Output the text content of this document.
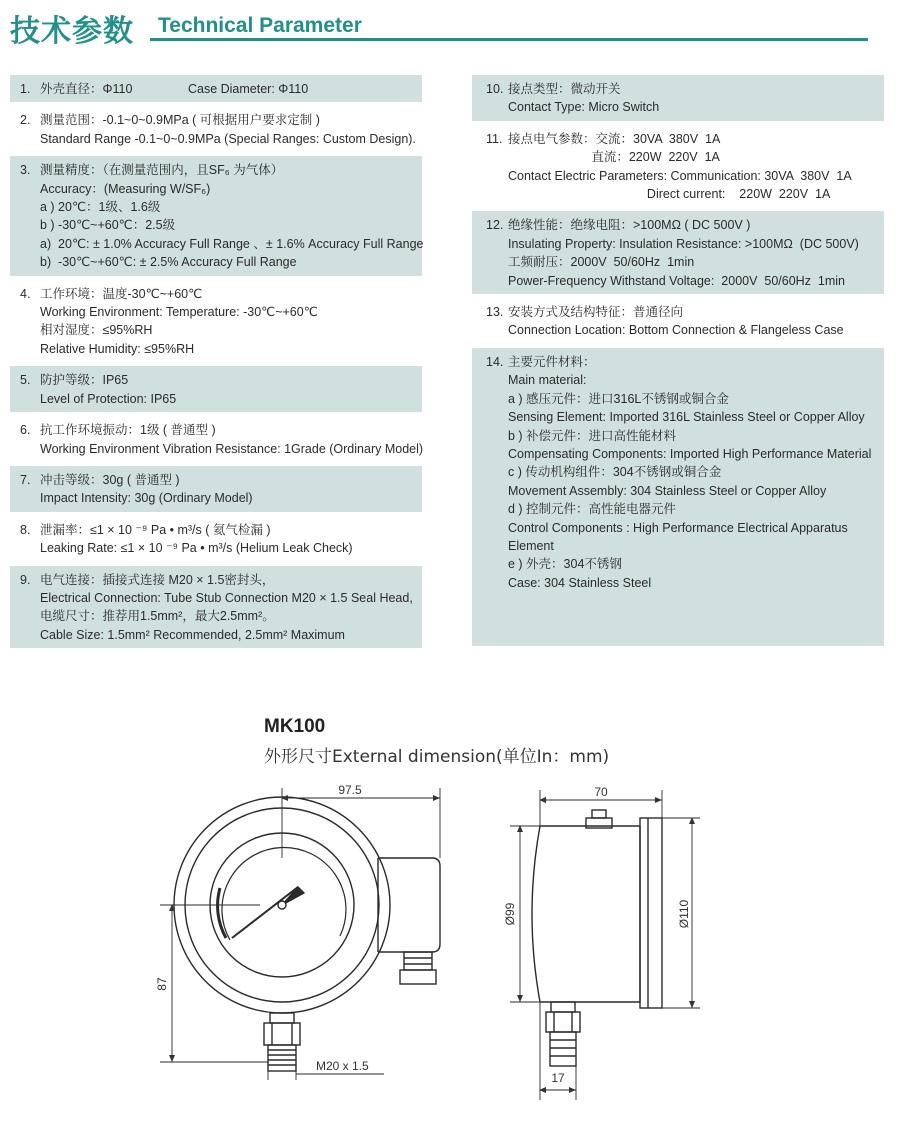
技术参数 Technical Parameter
1. 外壳直径：Φ110                Case Diameter: Φ110
2. 测量范围：-0.1~0~0.9MPa ( 可根据用户要求定制 )
Standard Range -0.1~0~0.9MPa (Special Ranges: Custom Design).
3. 测量精度：（在测量范围内，且SF₆ 为气体）
Accuracy：(Measuring W/SF₆)
a ) 20℃：1级、1.6级
b ) -30℃~+60℃：2.5级
a)  20℃: ± 1.0% Accuracy Full Range 、± 1.6% Accuracy Full Range
b)  -30℃~+60℃: ± 2.5% Accuracy Full Range
4. 工作环境：温度-30℃~+60℃
Working Environment: Temperature: -30℃~+60℃
相对湿度：≤95%RH
Relative Humidity: ≤95%RH
5. 防护等级：IP65
Level of Protection: IP65
6. 抗工作环境振动：1级 ( 普通型 )
Working Environment Vibration Resistance: 1Grade (Ordinary Model)
7. 冲击等级：30g ( 普通型 )
Impact Intensity: 30g (Ordinary Model)
8. 泄漏率：≤1 × 10 ⁻⁹ Pa • m³/s ( 氦气检漏 )
Leaking Rate: ≤1 × 10 ⁻⁹ Pa • m³/s (Helium Leak Check)
9. 电气连接：插接式连接 M20 × 1.5密封头，
Electrical Connection: Tube Stub Connection M20 × 1.5 Seal Head,
电缆尺寸：推荐用1.5mm²，最大2.5mm²。
Cable Size: 1.5mm² Recommended, 2.5mm² Maximum
10. 接点类型：微动开关
Contact Type: Micro Switch
11. 接点电气参数：交流：30VA  380V  1A
直流：220W  220V  1A
Contact Electric Parameters: Communication: 30VA  380V  1A
Direct current:    220W  220V  1A
12. 绝缘性能：绝缘电阻：>100MΩ ( DC 500V )
Insulating Property: Insulation Resistance: >100MΩ  (DC 500V)
工频耐压：2000V  50/60Hz  1min
Power-Frequency Withstand Voltage:  2000V  50/60Hz  1min
13. 安装方式及结构特征：普通径向
Connection Location: Bottom Connection & Flangeless Case
14. 主要元件材料：
Main material:
a ) 感压元件：进口316L不锈钢或铜合金
Sensing Element: Imported 316L Stainless Steel or Copper Alloy
b ) 补偿元件：进口高性能材料
Compensating Components: Imported High Performance Material
c ) 传动机构组件：304不锈钢或铜合金
Movement Assembly: 304 Stainless Steel or Copper Alloy
d ) 控制元件：高性能电器元件
Control Components : High Performance Electrical Apparatus
Element
e ) 外壳：304不锈钢
Case: 304 Stainless Steel
MK100
外形尺寸External dimension(单位In：mm)
97.5
87
M20 x 1.5
70
Ø99	Ø110
17
